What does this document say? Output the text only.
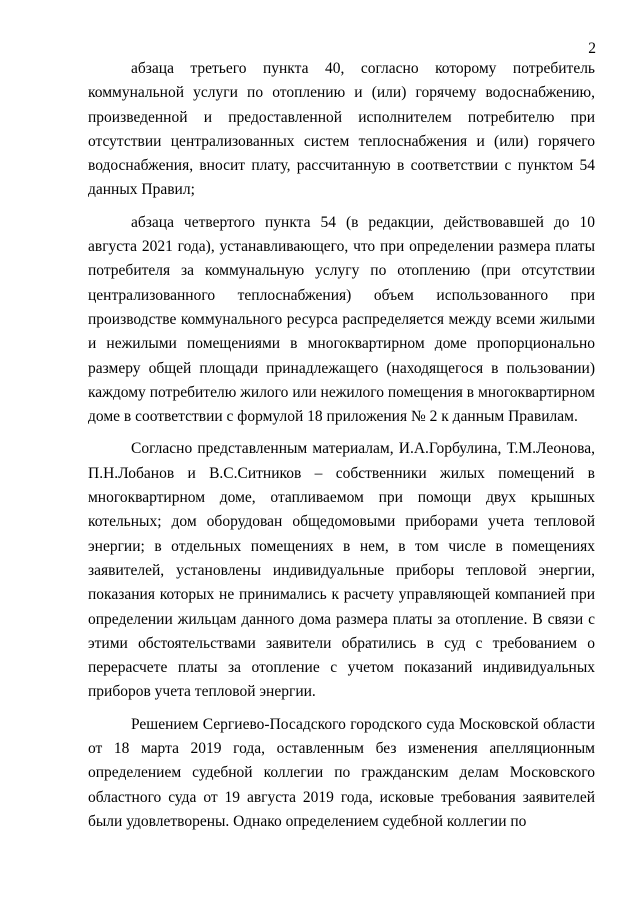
2

абзаца третьего пункта 40, согласно которому потребитель коммунальной услуги по отоплению и (или) горячему водоснабжению, произведенной и предоставленной исполнителем потребителю при отсутствии централизованных систем теплоснабжения и (или) горячего водоснабжения, вносит плату, рассчитанную в соответствии с пунктом 54 данных Правил;

абзаца четвертого пункта 54 (в редакции, действовавшей до 10 августа 2021 года), устанавливающего, что при определении размера платы потребителя за коммунальную услугу по отоплению (при отсутствии централизованного теплоснабжения) объем использованного при производстве коммунального ресурса распределяется между всеми жилыми и нежилыми помещениями в многоквартирном доме пропорционально размеру общей площади принадлежащего (находящегося в пользовании) каждому потребителю жилого или нежилого помещения в многоквартирном доме в соответствии с формулой 18 приложения № 2 к данным Правилам.

Согласно представленным материалам, И.А.Горбулина, Т.М.Леонова, П.Н.Лобанов и В.С.Ситников – собственники жилых помещений в многоквартирном доме, отапливаемом при помощи двух крышных котельных; дом оборудован общедомовыми приборами учета тепловой энергии; в отдельных помещениях в нем, в том числе в помещениях заявителей, установлены индивидуальные приборы тепловой энергии, показания которых не принимались к расчету управляющей компанией при определении жильцам данного дома размера платы за отопление. В связи с этими обстоятельствами заявители обратились в суд с требованием о перерасчете платы за отопление с учетом показаний индивидуальных приборов учета тепловой энергии.

Решением Сергиево-Посадского городского суда Московской области от 18 марта 2019 года, оставленным без изменения апелляционным определением судебной коллегии по гражданским делам Московского областного суда от 19 августа 2019 года, исковые требования заявителей были удовлетворены. Однако определением судебной коллегии по
